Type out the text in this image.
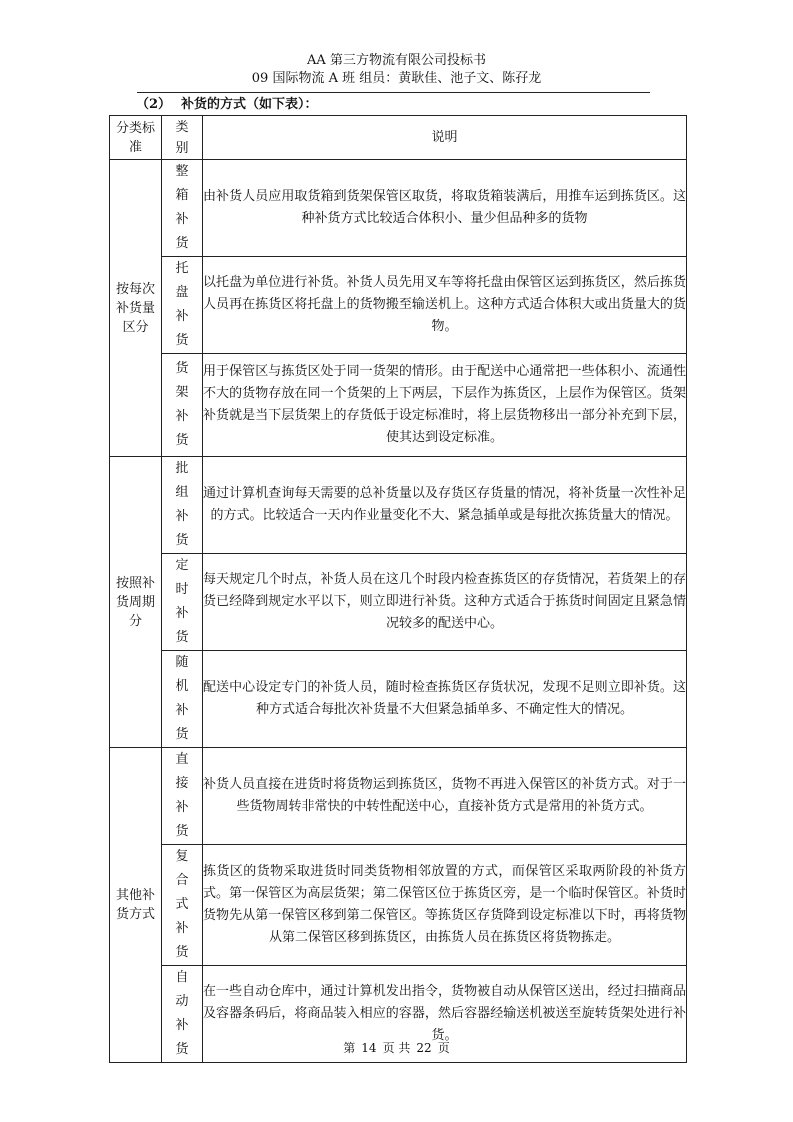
AA 第三方物流有限公司投标书
09 国际物流 A 班 组员：黄耿佳、池子文、陈孖龙
（2） 补货的方式（如下表）：
分类标准	类别	说明
按每次补货量区分	整箱补货	由补货人员应用取货箱到货架保管区取货，将取货箱装满后，用推车运到拣货区。这种补货方式比较适合体积小、量少但品种多的货物

	托盘补货	以托盘为单位进行补货。补货人员先用叉车等将托盘由保管区运到拣货区，然后拣货人员再在拣货区将托盘上的货物搬至输送机上。这种方式适合体积大或出货量大的货物。

	货架补货	用于保管区与拣货区处于同一货架的情形。由于配送中心通常把一些体积小、流通性不大的货物存放在同一个货架的上下两层，下层作为拣货区，上层作为保管区。货架补货就是当下层货架上的存货低于设定标准时，将上层货物移出一部分补充到下层，使其达到设定标准。

按照补货周期分	批组补货	通过计算机查询每天需要的总补货量以及存货区存货量的情况，将补货量一次性补足的方式。比较适合一天内作业量变化不大、紧急插单或是每批次拣货量大的情况。

	定时补货	每天规定几个时点，补货人员在这几个时段内检查拣货区的存货情况，若货架上的存货已经降到规定水平以下，则立即进行补货。这种方式适合于拣货时间固定且紧急情况较多的配送中心。

	随机补货	配送中心设定专门的补货人员，随时检查拣货区存货状况，发现不足则立即补货。这种方式适合每批次补货量不大但紧急插单多、不确定性大的情况。

其他补货方式	直接补货	补货人员直接在进货时将货物运到拣货区，货物不再进入保管区的补货方式。对于一些货物周转非常快的中转性配送中心，直接补货方式是常用的补货方式。

	复合式补货	拣货区的货物采取进货时同类货物相邻放置的方式，而保管区采取两阶段的补货方式。第一保管区为高层货架；第二保管区位于拣货区旁，是一个临时保管区。补货时货物先从第一保管区移到第二保管区。等拣货区存货降到设定标准以下时，再将货物从第二保管区移到拣货区，由拣货人员在拣货区将货物拣走。

	自动补货	在一些自动仓库中，通过计算机发出指令，货物被自动从保管区送出，经过扫描商品及容器条码后，将商品装入相应的容器，然后容器经输送机被送至旋转货架处进行补货。
第 14 页 共 22 页
